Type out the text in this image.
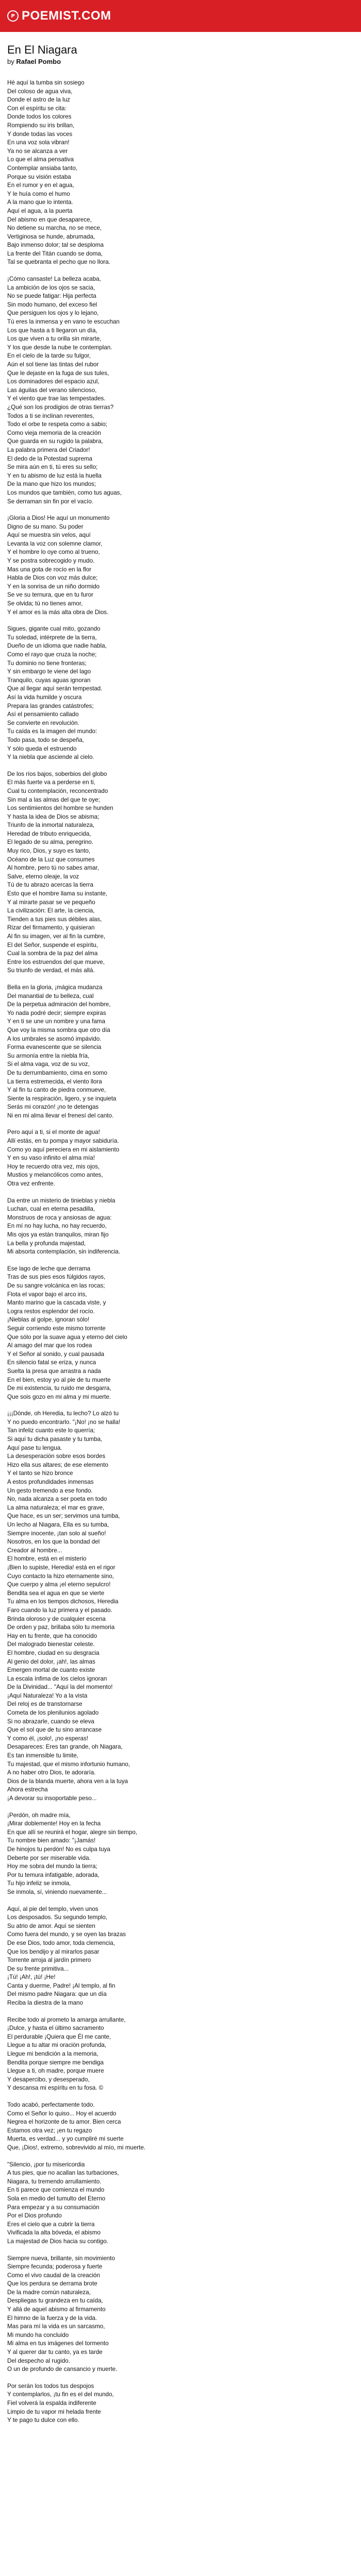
P POEMIST.COM
En El Niagara

by Rafael Pombo

Hé aquí la tumba sin sosiego
Del coloso de agua viva,
Donde el astro de la luz
Con el espíritu se cita:
Donde todos los colores
Rompiendo su iris brillan,
Y donde todas las voces
En una voz sola vibran!
Ya no se alcanza a ver
Lo que el alma pensativa
Contemplar ansiaba tanto,
Porque su visión estaba
En el rumor y en el agua,
Y le huía como el humo
A la mano que lo intenta.
Aquí el agua, a la puerta
Del abismo en que desaparece,
No detiene su marcha, no se mece,
Vertiginosa se hunde, abrumada,
Bajo inmenso dolor; tal se desploma
La frente del Titán cuando se doma,
Tal se quebranta el pecho que no llora.
¡Cómo cansaste! La belleza acaba,
La ambición de los ojos se sacia,
No se puede fatigar: Hija perfecta
Sin modo humano, del exceso fiel
Que persiguen los ojos y lo lejano,
Tú eres la inmensa y en vano te escuchan
Los que hasta a ti llegaron un día,
Los que viven a tu orilla sin mirarte,
Y los que desde la nube te contemplan.
En el cielo de la tarde su fulgor,
Aún el sol tiene las tintas del rubor
Que le dejaste en la fuga de sus tules,
Los dominadores del espacio azul,
Las águilas del verano silencioso,
Y el viento que trae las tempestades.
¿Qué son los prodigios de otras tierras?
Todos a ti se inclinan reverentes,
Todo el orbe te respeta como a sabio;
Como vieja memoria de la creación
Que guarda en su rugido la palabra,
La palabra primera del Criador!
El dedo de la Potestad suprema
Se mira aún en ti, tú eres su sello;
Y en tu abismo de luz está la huella
De la mano que hizo los mundos;
Los mundos que también, como tus aguas,
Se derraman sin fin por el vacío.
¡Gloria a Dios! He aquí un monumento
Digno de su mano. Su poder
Aquí se muestra sin velos, aquí
Levanta la voz con solemne clamor,
Y el hombre lo oye como al trueno,
Y se postra sobrecogido y mudo.
Mas una gota de rocío en la flor
Habla de Dios con voz más dulce;
Y en la sonrisa de un niño dormido
Se ve su ternura, que en tu furor
Se olvida; tú no tienes amor,
Y el amor es la más alta obra de Dios.
Sigues, gigante cual mito, gozando
Tu soledad, intérprete de la tierra,
Dueño de un idioma que nadie habla,
Como el rayo que cruza la noche;
Tu dominio no tiene fronteras;
Y sin embargo te viene del lago
Tranquilo, cuyas aguas ignoran
Que al llegar aquí serán tempestad.
Así la vida humilde y oscura
Prepara las grandes catástrofes;
Así el pensamiento callado
Se convierte en revolución.
Tu caída es la imagen del mundo:
Todo pasa, todo se despeña,
Y sólo queda el estruendo
Y la niebla que asciende al cielo.
De los ríos bajos, soberbios del globo
El más fuerte va a perderse en ti,
Cual tu contemplación, reconcentrado
Sin mal a las almas del que te oye;
Los sentimientos del hombre se hunden
Y hasta la idea de Dios se abisma;
Triunfo de la inmortal naturaleza,
Heredad de tributo enriquecida,
El legado de su alma, peregrino.
Muy rico, Dios, y suyo es tanto,
Océano de la Luz que consumes
Al hombre, pero tú no sabes amar,
Salve, eterno oleaje, la voz
Tú de tu abrazo acercas la tierra
Esto que el hombre llama su instante,
Y al mirarte pasar se ve pequeño
La civilización: El arte, la ciencia,
Tienden a tus pies sus débiles alas,
Rizar del firmamento, y quisieran
Al fin su imagen, ver al fin la cumbre,
El del Señor, suspende el espíritu,
Cual la sombra de la paz del alma
Entre los estruendos del que mueve,
Su triunfo de verdad, el más allá.
Bella en la gloria, ¡mágica mudanza
Del manantial de tu belleza, cual
De la perpetua admiración del hombre,
Yo nada podré decir; siempre expiras
Y en ti se une un nombre y una fama
Que voy la misma sombra que otro día
A los umbrales se asomó impávido.
Forma evanescente que se silencia
Su armonía entre la niebla fría,
Si el alma vaga, voz de su voz,
De tu derrumbamiento, cima en somo
La tierra estremecida, el viento llora
Y al fin tu canto de piedra conmueve,
Siente la respiración, ligero, y se inquieta
Serás mi corazón! ¡no te detengas
Ni en mi alma llevar el frenesí del canto.
Pero aquí a ti, si el monte de agua!
Allí estás, en tu pompa y mayor sabiduría.
Como yo aquí pereciera en mi aislamiento
Y en su vaso infinito el alma mía!
Hoy te recuerdo otra vez, mis ojos,
Mustios y melancólicos como antes,
Otra vez enfrente.
Da entre un misterio de tinieblas y niebla
Luchan, cual en eterna pesadilla,
Monstruos de roca y ansiosas de agua:
En mí no hay lucha, no hay recuerdo,
Mis ojos ya están tranquilos, miran fijo
La bella y profunda majestad,
Mi absorta contemplación, sin indiferencia.
Ese lago de leche que derrama
Tras de sus pies esos fúlgidos rayos,
De su sangre volcánica en las rocas;
Flota el vapor bajo el arco iris,
Manto marino que la cascada viste, y
Logra restos esplendor del rocío.
¡Nieblas al golpe, ignoran sólo!
Seguir corriendo este mismo torrente
Que sólo por la suave agua y eterno del cielo
Al amago del mar que los rodea
Y el Señor al sonido, y cual pausada
En silencio fatal se eriza, y nunca
Suelta la presa que arrastra a nada
En el bien, estoy yo al pie de tu muerte
De mi existencia, tu ruido me desgarra,
Que sois gozo en mi alma y mi muerte.
¡¡¡Dónde, oh Heredia, tu lecho? Lo alzó tu
Y no puedo encontrarlo. "¡No! ¡no se halla!
Tan infeliz cuanto este lo querría;
Si aquí tu dicha pasaste y tu tumba,
Aquí pase tu lengua.
La desesperación sobre esos bordes
Hizo ella sus altares; de ese elemento
Y el tanto se hizo bronce
A estos profundidades inmensas
Un gesto tremendo a ese fondo.
No, nada alcanza a ser poeta en todo
La alma naturaleza; el mar es grave,
Que hace, es un ser; servimos una tumba,
Un lecho al Niagara, Ella es su tumba,
Siempre inocente, ¡tan solo al sueño!
Nosotros, en los que la bondad del
Creador al hombre...
El hombre, está en el misterio
¡Bien lo supiste, Heredia! está en el rigor
Cuyo contacto la hizo eternamente sino,
Que cuerpo y alma ¡el eterno sepulcro!
Bendita sea el agua en que se vierte
Tu alma en los tiempos dichosos, Heredia
Faro cuando la luz primera y el pasado.
Brinda oloroso y de cualquier escena
De orden y paz, brillaba sólo tu memoria
Hay en tu frente, que ha conocido
Del malogrado bienestar celeste.
El hombre, ciudad en su desgracia
Al genio del dolor, ¡ah!, las almas
Emergen mortal de cuanto existe
La escala ínfima de los cielos ignoran
De la Divinidad... "Aquí la del momento!
¡Aquí Naturaleza! Yo a la vista
Del reloj es de transtornarse
Cometa de los plenilunios agolado
Si no abrazarle, cuando se eleva
Que el sol que de tu sino arrancase
Y como él, ¡solo!, ¡no esperas!
Desapareces: Eres tan grande, oh Niagara,
Es tan inmensible tu limite,
Tu majestad, que el mismo infortunio humano,
A no haber otro Dios, te adoraría.
Dios de la blanda muerte, ahora ven a la tuya
Ahora estrecha
¡A devorar su insoportable peso...
¡Perdón, oh madre mía,
¡Mirar doblemente! Hoy en la fecha
En que allí se reunirá el hogar, alegre sin tiempo,
Tu nombre bien amado: "¡Jamás!
De hinojos tu perdón! No es culpa tuya
Deberte por ser miserable vida.
Hoy me sobra del mundo la tierra;
Por tu temura infatigable, adorada,
Tu hijo infeliz se inmola,
Se inmola, sí, viniendo nuevamente...
Aquí, al pie del templo, viven unos
Los desposados. Su segundo templo,
Su atrio de amor. Aquí se sienten
Como fuera del mundo, y se oyen las brazas
De ese Dios, todo amor, toda clemencia,
Que los bendijo y al mirarlos pasar
Torrente arroja al jardín primero
De su frente primitiva...
¡Tú! ¡Ah!, ¡tú! ¡He!
Canta y duerme, Padre! ¡Al templo, al fin
Del mismo padre Niagara: que un día
Reciba la diestra de la mano
Recibe todo al prometo la amarga arrullante,
¡Dulce, y hasta el último sacramento
El perdurable ¡Quiera que Él me cante,
Llegue a tu altar mi oración profunda,
Llegue mi bendición a la memoria,
Bendita porque siempre me bendiga
Llegue a ti, oh madre, porque muere
Y desapercibo, y desesperado,
Y descansa mi espíritu en tu fosa. ©
Todo acabó, perfectamente todo.
Como el Señor lo quiso... Hoy el acuerdo
Negrea el horizonte de tu amor. Bien cerca
Estamos otra vez; ¡en tu regazo
Muerta, es verdad... y yo cumpliré mi suerte
Que, ¡Dios!, extremo, sobrevivido al mío, mi muerte.
"Silencio, ¡por tu misericordia
A tus pies, que no acallan las turbaciones,
Niagara, tu tremendo arrullamiento.
En ti parece que comienza el mundo
Sola en medio del tumulto del Eterno
Para empezar y a su consumación
Por el Dios profundo
Eres el cielo que a cubrir la tierra
Vivificada la alta bóveda, el abismo
La majestad de Dios hacia su contigo.
Siempre nueva, brillante, sin movimiento
Siempre fecunda; poderosa y fuerte
Como el vivo caudal de la creación
Que los perdura se derrama brote
De la madre común naturaleza,
Despliegas tu grandeza en tu caída,
Y allá de aquel abismo al firmamento
El himno de la fuerza y de la vida.
Mas para mí la vida es un sarcasmo,
Mi mundo ha concluido
Mi alma en tus imágenes del tormento
Y al querer dar tu canto, ya es tarde
Del despecho al rugido.
O un de profundo de cansancio y muerte.
Por serán los todos tus despojos
Y contemplarlos, ¡tu fin es el del mundo,
Fiel volverá la espalda indiferente
Limpio de tu vapor mi helada frente
Y te pago tu dulce con ello.
